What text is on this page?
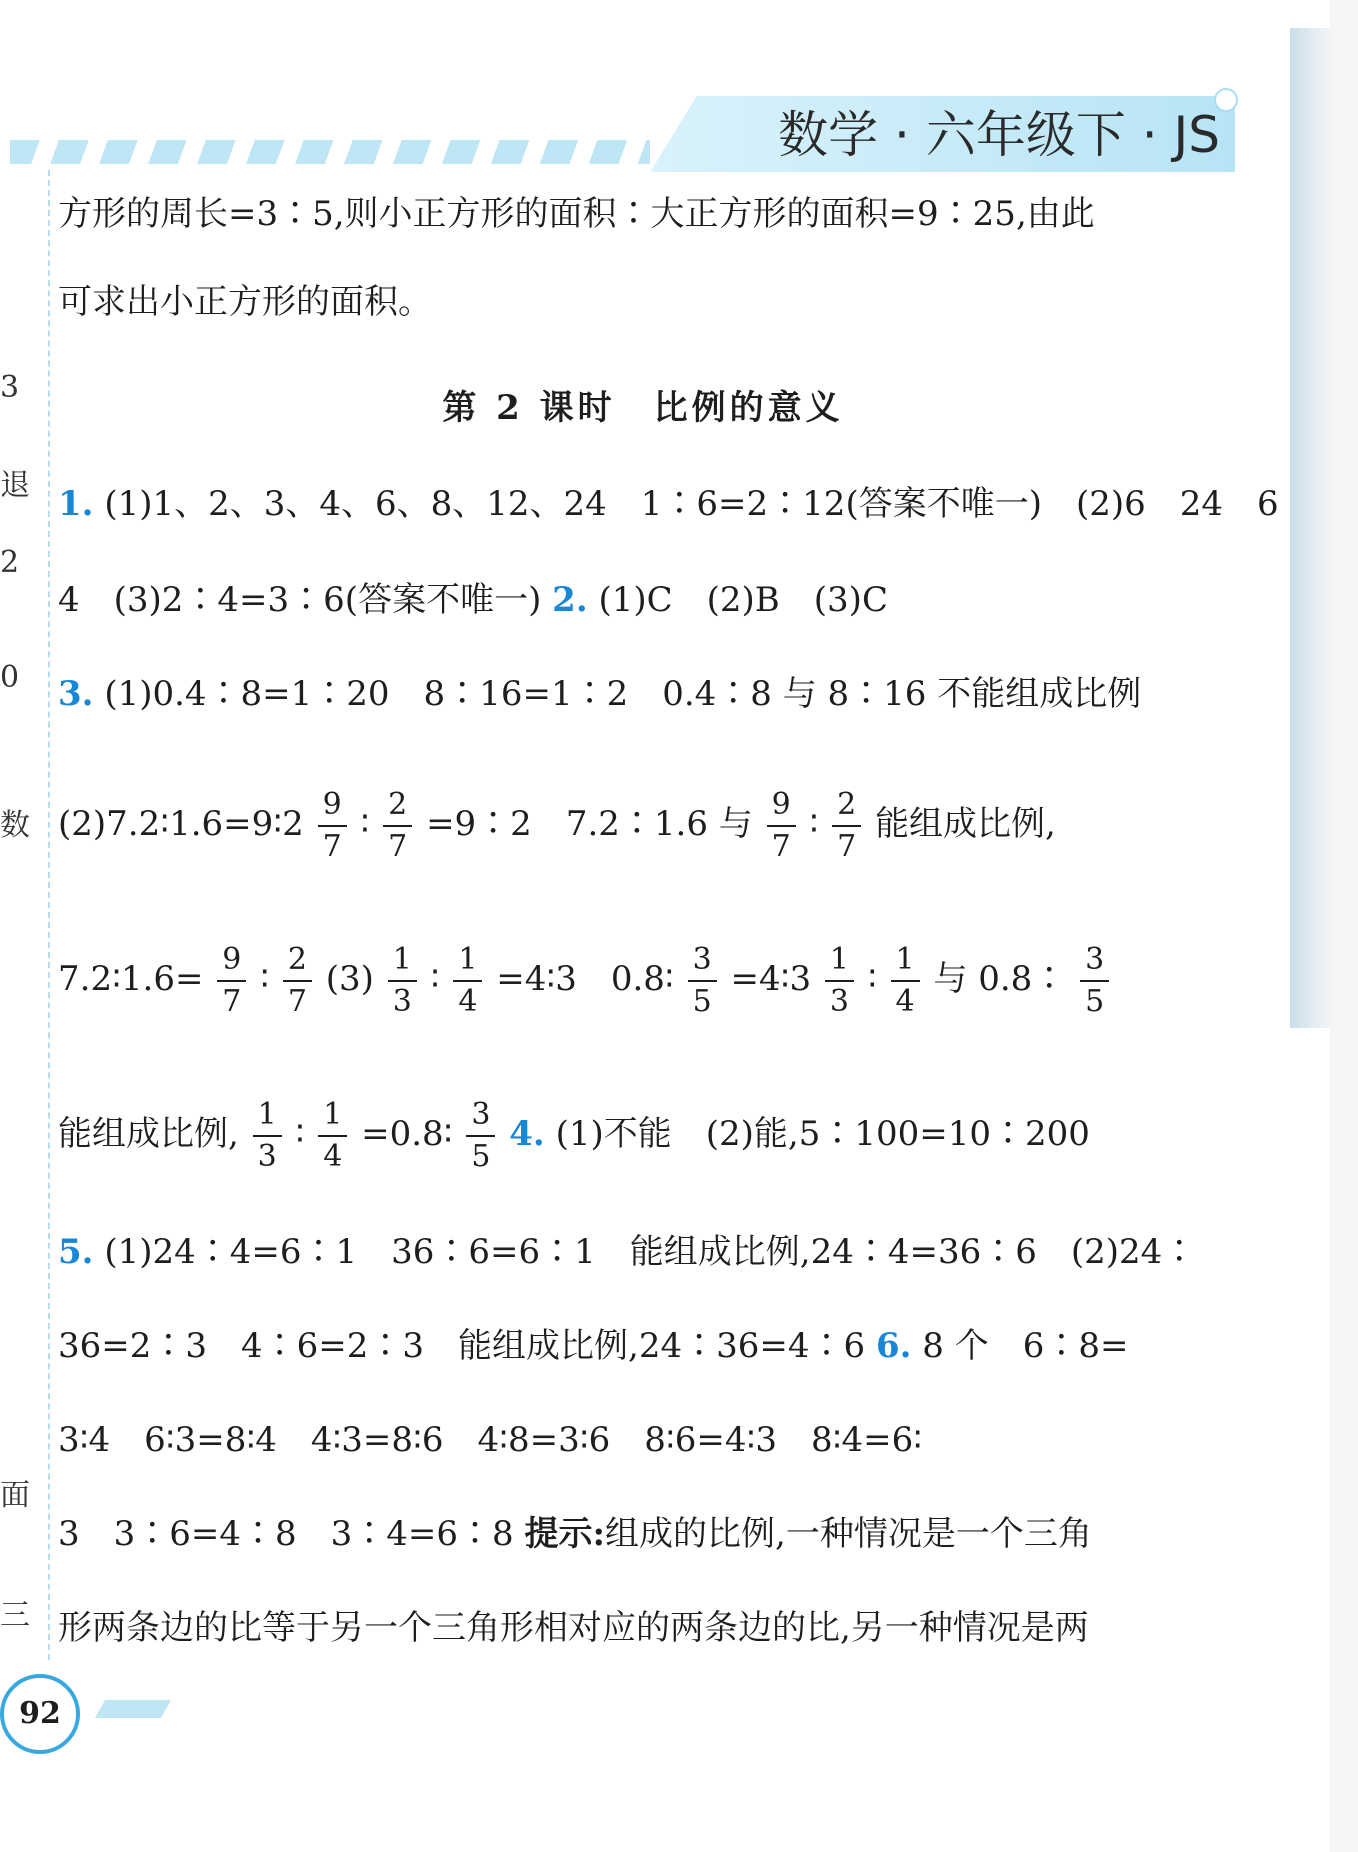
3
退
2
0
数
面
三
数学 · 六年级下 · JS
方形的周长=3∶5,则小正方形的面积∶大正方形的面积=9∶25,由此
可求出小正方形的面积。
第 2 课时　比例的意义
1. (1)1、2、3、4、6、8、12、24　1∶6=2∶12(答案不唯一)　(2)6　24　6
4　(3)2∶4=3∶6(答案不唯一) 2. (1)C　(2)B　(3)C
3. (1)0.4∶8=1∶20　8∶16=1∶2　0.4∶8 与 8∶16 不能组成比例
(2)7.2∶1.6=9∶2 $\frac{9}{7}$ ∶ $\frac{2}{7}$ =9∶2　7.2∶1.6 与 $\frac{9}{7}$ ∶ $\frac{2}{7}$ 能组成比例,
7.2∶1.6= $\frac{9}{7}$ ∶ $\frac{2}{7} (3) \frac{1}{3}$ ∶ $\frac{1}{4}$ =4∶3　0.8∶ $\frac{3}{5}$ =4∶3 $\frac{1}{3}$ ∶ $\frac{1}{4}$ 与 0.8∶ $\frac{3}{5}$
能组成比例, $\frac{1}{3}$ ∶ $\frac{1}{4}$ =0.8∶ $\frac{3}{5} 4$. (1)不能　(2)能,5∶100=10∶200
5. (1)24∶4=6∶1　36∶6=6∶1　能组成比例,24∶4=36∶6　(2)24∶
36=2∶3　4∶6=2∶3　能组成比例,24∶36=4∶6 6. 8 个　6∶8=
3∶4　6∶3=8∶4　4∶3=8∶6　4∶8=3∶6　8∶6=4∶3　8∶4=6∶
3　3∶6=4∶8　3∶4=6∶8 提示:组成的比例,一种情况是一个三角
形两条边的比等于另一个三角形相对应的两条边的比,另一种情况是两
92
